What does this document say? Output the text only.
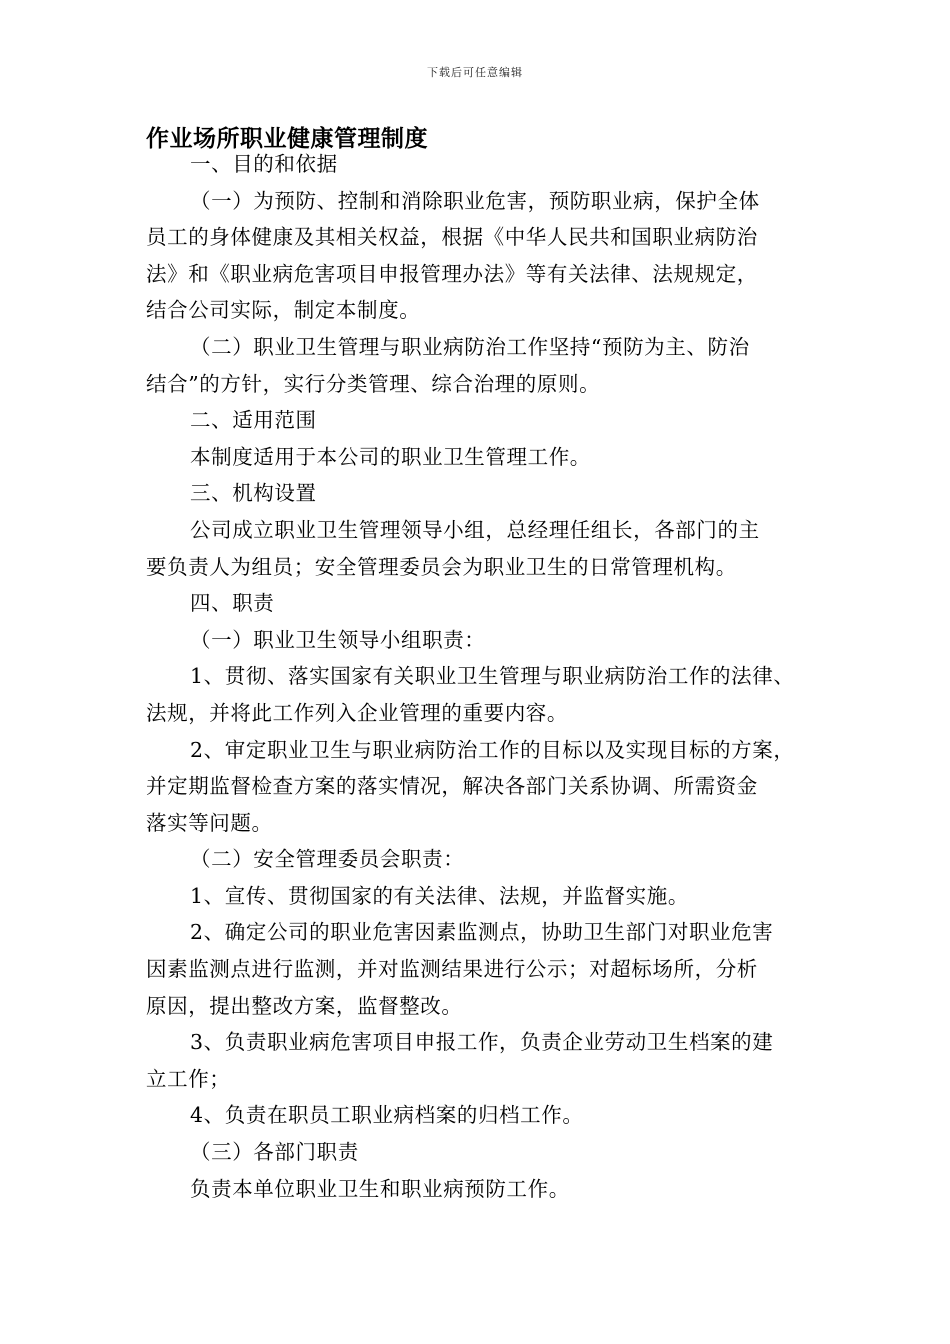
下载后可任意编辑
作业场所职业健康管理制度
一、目的和依据
（一）为预防、控制和消除职业危害，预防职业病，保护全体
员工的身体健康及其相关权益，根据《中华人民共和国职业病防治
法》和《职业病危害项目申报管理办法》等有关法律、法规规定，
结合公司实际，制定本制度。
（二）职业卫生管理与职业病防治工作坚持“预防为主、防治
结合”的方针，实行分类管理、综合治理的原则。
二、适用范围
本制度适用于本公司的职业卫生管理工作。
三、机构设置
公司成立职业卫生管理领导小组，总经理任组长，各部门的主
要负责人为组员；安全管理委员会为职业卫生的日常管理机构。
四、职责
（一）职业卫生领导小组职责：
1、贯彻、落实国家有关职业卫生管理与职业病防治工作的法律、
法规，并将此工作列入企业管理的重要内容。
2、审定职业卫生与职业病防治工作的目标以及实现目标的方案，
并定期监督检查方案的落实情况，解决各部门关系协调、所需资金
落实等问题。
（二）安全管理委员会职责：
1、宣传、贯彻国家的有关法律、法规，并监督实施。
2、确定公司的职业危害因素监测点，协助卫生部门对职业危害
因素监测点进行监测，并对监测结果进行公示；对超标场所，分析
原因，提出整改方案，监督整改。
3、负责职业病危害项目申报工作，负责企业劳动卫生档案的建
立工作；
4、负责在职员工职业病档案的归档工作。
（三）各部门职责
负责本单位职业卫生和职业病预防工作。
